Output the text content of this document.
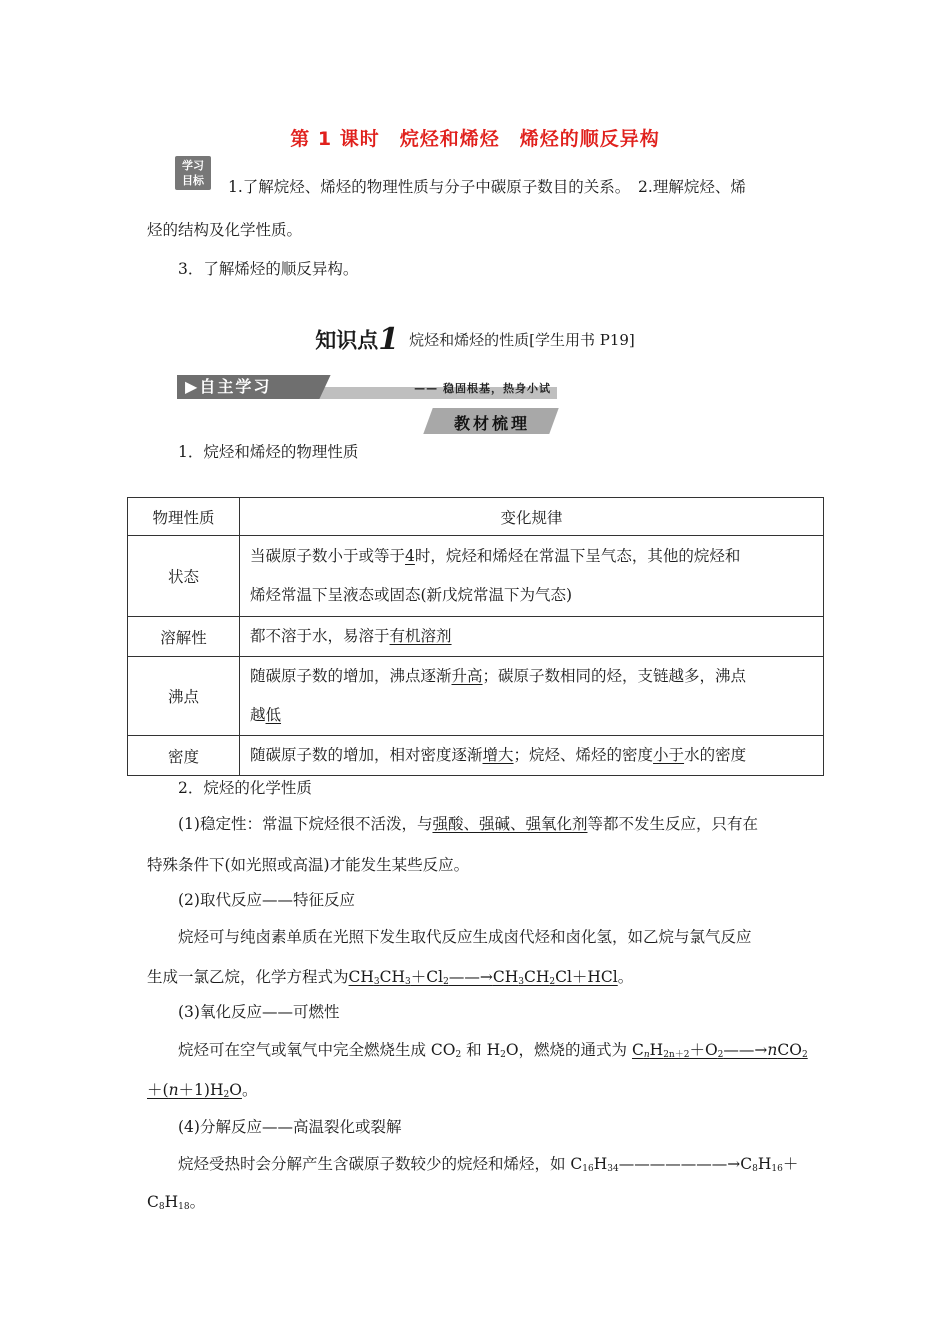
第 1 课时　烷烃和烯烃　烯烃的顺反异构
学习
目标	1.了解烷烃、烯烃的物理性质与分子中碳原子数目的关系。　2.理解烷烃、烯
烃的结构及化学性质。
3．了解烯烃的顺反异构。
知识点1 烷烃和烯烃的性质[学生用书 P19]
▶自主学习	—— 稳固根基，热身小试
教材梳理
1．烷烃和烯烃的物理性质
物理性质	变化规律
状态	当碳原子数小于或等于4时，烷烃和烯烃在常温下呈气态，其他的烷烃和
烯烃常温下呈液态或固态(新戊烷常温下为气态)

溶解性	都不溶于水，易溶于有机溶剂
沸点	随碳原子数的增加，沸点逐渐升高；碳原子数相同的烃，支链越多，沸点
越低

密度	随碳原子数的增加，相对密度逐渐增大；烷烃、烯烃的密度小于水的密度
2．烷烃的化学性质
(1)稳定性：常温下烷烃很不活泼，与强酸、强碱、强氧化剂等都不发生反应，只有在
特殊条件下(如光照或高温)才能发生某些反应。
(2)取代反应——特征反应
烷烃可与纯卤素单质在光照下发生取代反应生成卤代烃和卤化氢，如乙烷与氯气反应
生成一氯乙烷，化学方程式为$CH_3CH_3+Cl_2——\to CH_3CH_2Cl+HCl$。
(3)氧化反应——可燃性
烷烃可在空气或氧气中完全燃烧生成 $CO_2$ 和 $H_2O$，燃烧的通式为 $C_nH_{2n+2}+O_2——\to nCO_2$
$+(n+1)H_2O$。
(4)分解反应——高温裂化或裂解
烷烃受热时会分解产生含碳原子数较少的烷烃和烯烃，如 $C_{16}H_{34}———————\to C_8H_{16}+$
$C_8H_{18}$。
